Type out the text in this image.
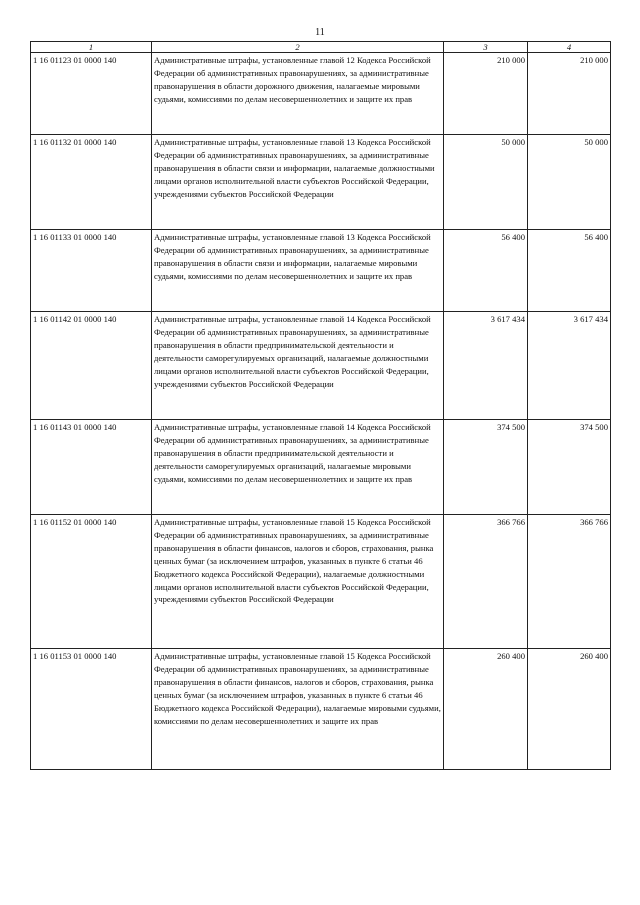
11
1	2	3	4
1 16 01123 01 0000 140	Административные штрафы, установленные главой 12 Кодекса Российской Федерации об административных правонарушениях, за административные правонарушения в области дорожного движения, налагаемые мировыми судьями, комиссиями по делам несовершеннолетних и защите их прав	210 000	210 000
1 16 01132 01 0000 140	Административные штрафы, установленные главой 13 Кодекса Российской Федерации об административных правонарушениях, за административные правонарушения в области связи и информации, налагаемые должностными лицами органов исполнительной власти субъектов Российской Федерации, учреждениями субъектов Российской Федерации	50 000	50 000
1 16 01133 01 0000 140	Административные штрафы, установленные главой 13 Кодекса Российской Федерации об административных правонарушениях, за административные правонарушения в области связи и информации, налагаемые мировыми судьями, комиссиями по делам несовершеннолетних и защите их прав	56 400	56 400
1 16 01142 01 0000 140	Административные штрафы, установленные главой 14 Кодекса Российской Федерации об административных правонарушениях, за административные правонарушения в области предпринимательской деятельности и деятельности саморегулируемых организаций, налагаемые должностными лицами органов исполнительной власти субъектов Российской Федерации, учреждениями субъектов Российской Федерации	3 617 434	3 617 434
1 16 01143 01 0000 140	Административные штрафы, установленные главой 14 Кодекса Российской Федерации об административных правонарушениях, за административные правонарушения в области предпринимательской деятельности и деятельности саморегулируемых организаций, налагаемые мировыми судьями, комиссиями по делам несовершеннолетних и защите их прав	374 500	374 500
1 16 01152 01 0000 140	Административные штрафы, установленные главой 15 Кодекса Российской Федерации об административных правонарушениях, за административные правонарушения в области финансов, налогов и сборов, страхования, рынка ценных бумаг (за исключением штрафов, указанных в пункте 6 статьи 46 Бюджетного кодекса Российской Федерации), налагаемые должностными лицами органов исполнительной власти субъектов Российской Федерации, учреждениями субъектов Российской Федерации	366 766	366 766
1 16 01153 01 0000 140	Административные штрафы, установленные главой 15 Кодекса Российской Федерации об административных правонарушениях, за административные правонарушения в области финансов, налогов и сборов, страхования, рынка ценных бумаг (за исключением штрафов, указанных в пункте 6 статьи 46 Бюджетного кодекса Российской Федерации), налагаемые мировыми судьями, комиссиями по делам несовершеннолетних и защите их прав	260 400	260 400
